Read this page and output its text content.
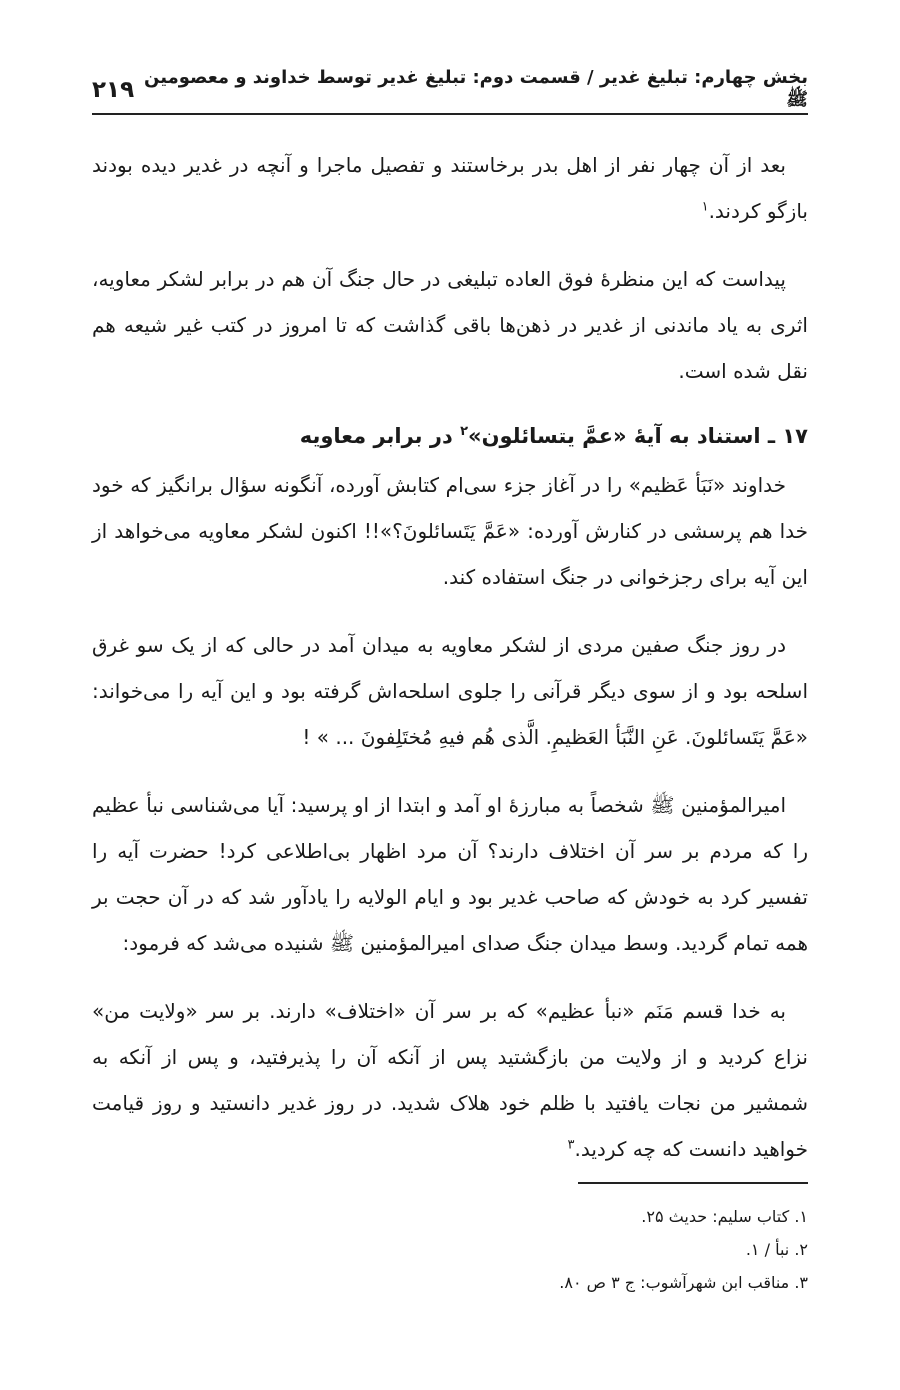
بخش چهارم: تبلیغ غدیر / قسمت دوم: تبلیغ غدیر توسط خداوند و معصومین ﷺ
۲۱۹

بعد از آن چهار نفر از اهل بدر برخاستند و تفصیل ماجرا و آنچه در غدیر دیده بودند بازگو کردند.$^۱$

پیداست که این منظرهٔ فوق العاده تبلیغی در حال جنگ آن هم در برابر لشکر معاویه، اثری به یاد ماندنی از غدیر در ذهن‌ها باقی گذاشت که تا امروز در کتب غیر شیعه هم نقل شده است.

۱۷ ـ استناد به آیهٔ «عمَّ یتسائلون»$^۲$ در برابر معاویه

خداوند «نَبَأ عَظیم» را در آغاز جزء سی‌ام کتابش آورده، آنگونه سؤال برانگیز که خود خدا هم پرسشی در کنارش آورده: «عَمَّ یَتَسائلونَ؟»!! اکنون لشکر معاویه می‌خواهد از این آیه برای رجزخوانی در جنگ استفاده کند.

در روز جنگ صفین مردی از لشکر معاویه به میدان آمد در حالی که از یک سو غرق اسلحه بود و از سوی دیگر قرآنی را جلوی اسلحه‌اش گرفته بود و این آیه را می‌خواند: «عَمَّ یَتَسائلونَ. عَنِ النَّبَأ العَظیمِ. الَّذی هُم فیهِ مُختَلِفونَ ... » !

امیرالمؤمنین ﷺ شخصاً به مبارزهٔ او آمد و ابتدا از او پرسید: آیا می‌شناسی نبأ عظیم را که مردم بر سر آن اختلاف دارند؟ آن مرد اظهار بی‌اطلاعی کرد! حضرت آیه را تفسیر کرد به خودش که صاحب غدیر بود و ایام الولایه را یادآور شد که در آن حجت بر همه تمام گردید. وسط میدان جنگ صدای امیرالمؤمنین ﷺ شنیده می‌شد که فرمود:

به خدا قسم مَنَم «نبأ عظیم» که بر سر آن «اختلاف» دارند. بر سر «ولایت من» نزاع کردید و از ولایت من بازگشتید پس از آنکه آن را پذیرفتید، و پس از آنکه به شمشیر من نجات یافتید با ظلم خود هلاک شدید. در روز غدیر دانستید و روز قیامت خواهید دانست که چه کردید.$^۳$

۱. کتاب سلیم: حدیث ۲۵.
۲. نبأ / ۱.
۳. مناقب ابن شهرآشوب: ج ۳ ص ۸۰.
